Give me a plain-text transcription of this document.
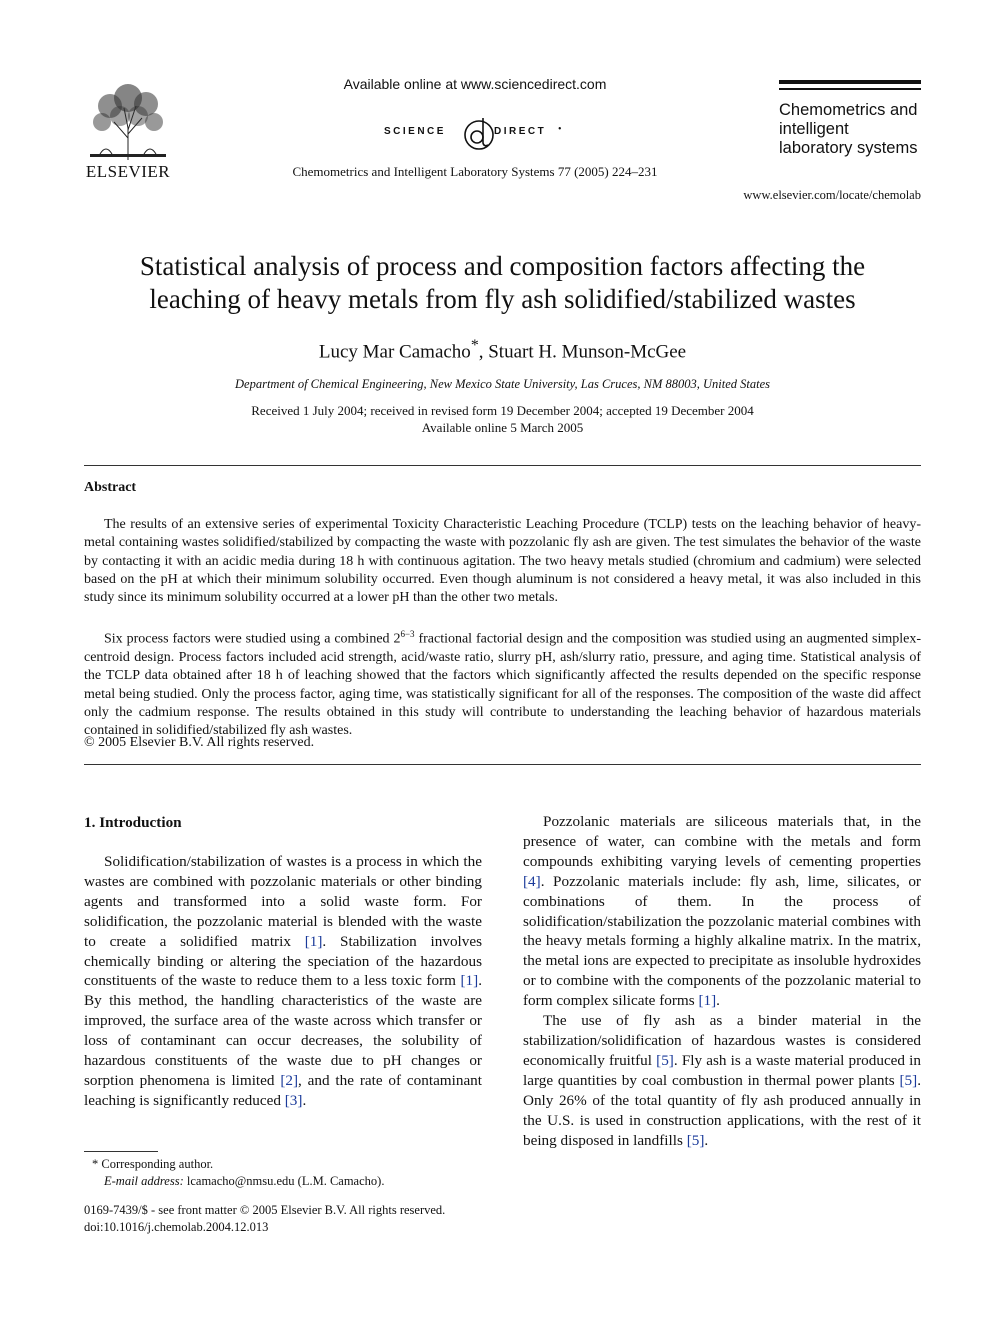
ELSEVIER
Available online at www.sciencedirect.com
SCIENCE	DIRECT •
Chemometrics and Intelligent Laboratory Systems 77 (2005) 224–231
Chemometrics and
intelligent
laboratory systems
www.elsevier.com/locate/chemolab
Statistical analysis of process and composition factors affecting the
leaching of heavy metals from fly ash solidified/stabilized wastes
Lucy Mar Camacho*, Stuart H. Munson-McGee
Department of Chemical Engineering, New Mexico State University, Las Cruces, NM 88003, United States
Received 1 July 2004; received in revised form 19 December 2004; accepted 19 December 2004
Available online 5 March 2005
Abstract

The results of an extensive series of experimental Toxicity Characteristic Leaching Procedure (TCLP) tests on the leaching behavior of heavy-metal containing wastes solidified/stabilized by compacting the waste with pozzolanic fly ash are given. The test simulates the behavior of the waste by contacting it with an acidic media during 18 h with continuous agitation. The two heavy metals studied (chromium and cadmium) were selected based on the pH at which their minimum solubility occurred. Even though aluminum is not considered a heavy metal, it was also included in this study since its minimum solubility occurred at a lower pH than the other two metals.

Six process factors were studied using a combined $2^{6-3}$ fractional factorial design and the composition was studied using an augmented simplex-centroid design. Process factors included acid strength, acid/waste ratio, slurry pH, ash/slurry ratio, pressure, and aging time. Statistical analysis of the TCLP data obtained after 18 h of leaching showed that the factors which significantly affected the results depended on the specific response metal being studied. Only the process factor, aging time, was statistically significant for all of the responses. The composition of the waste did affect only the cadmium response. The results obtained in this study will contribute to understanding the leaching behavior of hazardous materials contained in solidified/stabilized fly ash wastes.

© 2005 Elsevier B.V. All rights reserved.
1. Introduction

Solidification/stabilization of wastes is a process in which the wastes are combined with pozzolanic materials or other binding agents and transformed into a solid waste form. For solidification, the pozzolanic material is blended with the waste to create a solidified matrix [1]. Stabilization involves chemically binding or altering the speciation of the hazardous constituents of the waste to reduce them to a less toxic form [1]. By this method, the handling characteristics of the waste are improved, the surface area of the waste across which transfer or loss of contaminant can occur decreases, the solubility of hazardous constituents of the waste due to pH changes or sorption phenomena is limited [2], and the rate of contaminant leaching is significantly reduced [3].

Pozzolanic materials are siliceous materials that, in the presence of water, can combine with the metals and form compounds exhibiting varying levels of cementing properties [4]. Pozzolanic materials include: fly ash, lime, silicates, or combinations of them. In the process of solidification/stabilization the pozzolanic material combines with the heavy metals forming a highly alkaline matrix. In the matrix, the metal ions are expected to precipitate as insoluble hydroxides or to combine with the components of the pozzolanic material to form complex silicate forms [1].

The use of fly ash as a binder material in the stabilization/solidification of hazardous wastes is considered economically fruitful [5]. Fly ash is a waste material produced in large quantities by coal combustion in thermal power plants [5]. Only 26% of the total quantity of fly ash produced annually in the U.S. is used in construction applications, with the rest of it being disposed in landfills [5].

* Corresponding author.
E-mail address: lcamacho@nmsu.edu (L.M. Camacho).
0169-7439/$ - see front matter © 2005 Elsevier B.V. All rights reserved.
doi:10.1016/j.chemolab.2004.12.013
